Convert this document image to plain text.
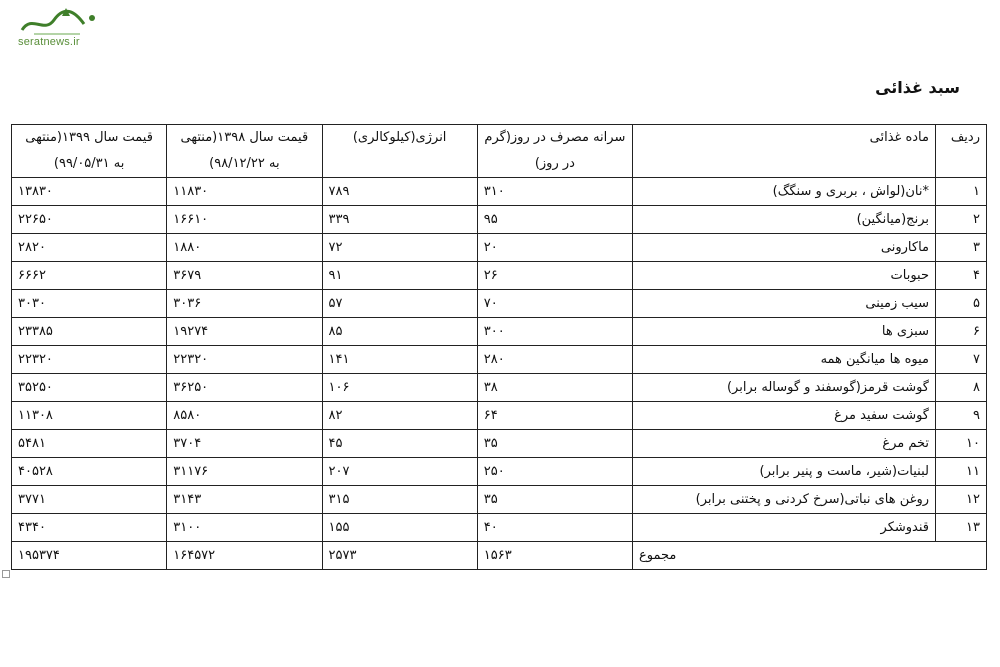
seratnews.ir
سبد غذائی
ردیف	ماده غذائی	سرانه مصرف در روز(گرم در روز)	انرژی(کیلوکالری)	قیمت سال ۱۳۹۸(منتهی به ۹۸/۱۲/۲۲)	قیمت سال ۱۳۹۹(منتهی به ۹۹/۰۵/۳۱)
۱	*نان(لواش ، بربری و سنگگ)	۳۱۰	۷۸۹	۱۱۸۳۰	۱۳۸۳۰
۲	برنج(میانگین)	۹۵	۳۳۹	۱۶۶۱۰	۲۲۶۵۰
۳	ماکارونی	۲۰	۷۲	۱۸۸۰	۲۸۲۰
۴	حبوبات	۲۶	۹۱	۳۶۷۹	۶۶۶۲
۵	سیب زمینی	۷۰	۵۷	۳۰۳۶	۳۰۳۰
۶	سبزی ها	۳۰۰	۸۵	۱۹۲۷۴	۲۳۳۸۵
۷	میوه ها میانگین همه	۲۸۰	۱۴۱	۲۲۳۲۰	۲۲۳۲۰
۸	گوشت قرمز(گوسفند و گوساله برابر)	۳۸	۱۰۶	۳۶۲۵۰	۳۵۲۵۰
۹	گوشت سفید مرغ	۶۴	۸۲	۸۵۸۰	۱۱۳۰۸
۱۰	تخم مرغ	۳۵	۴۵	۳۷۰۴	۵۴۸۱
۱۱	لبنیات(شیر، ماست و پنیر برابر)	۲۵۰	۲۰۷	۳۱۱۷۶	۴۰۵۲۸
۱۲	روغن های نباتی(سرخ کردنی و پختنی برابر)	۳۵	۳۱۵	۳۱۴۳	۳۷۷۱
۱۳	قندوشکر	۴۰	۱۵۵	۳۱۰۰	۴۳۴۰
مجموع		۱۵۶۳	۲۵۷۳	۱۶۴۵۷۲	۱۹۵۳۷۴
